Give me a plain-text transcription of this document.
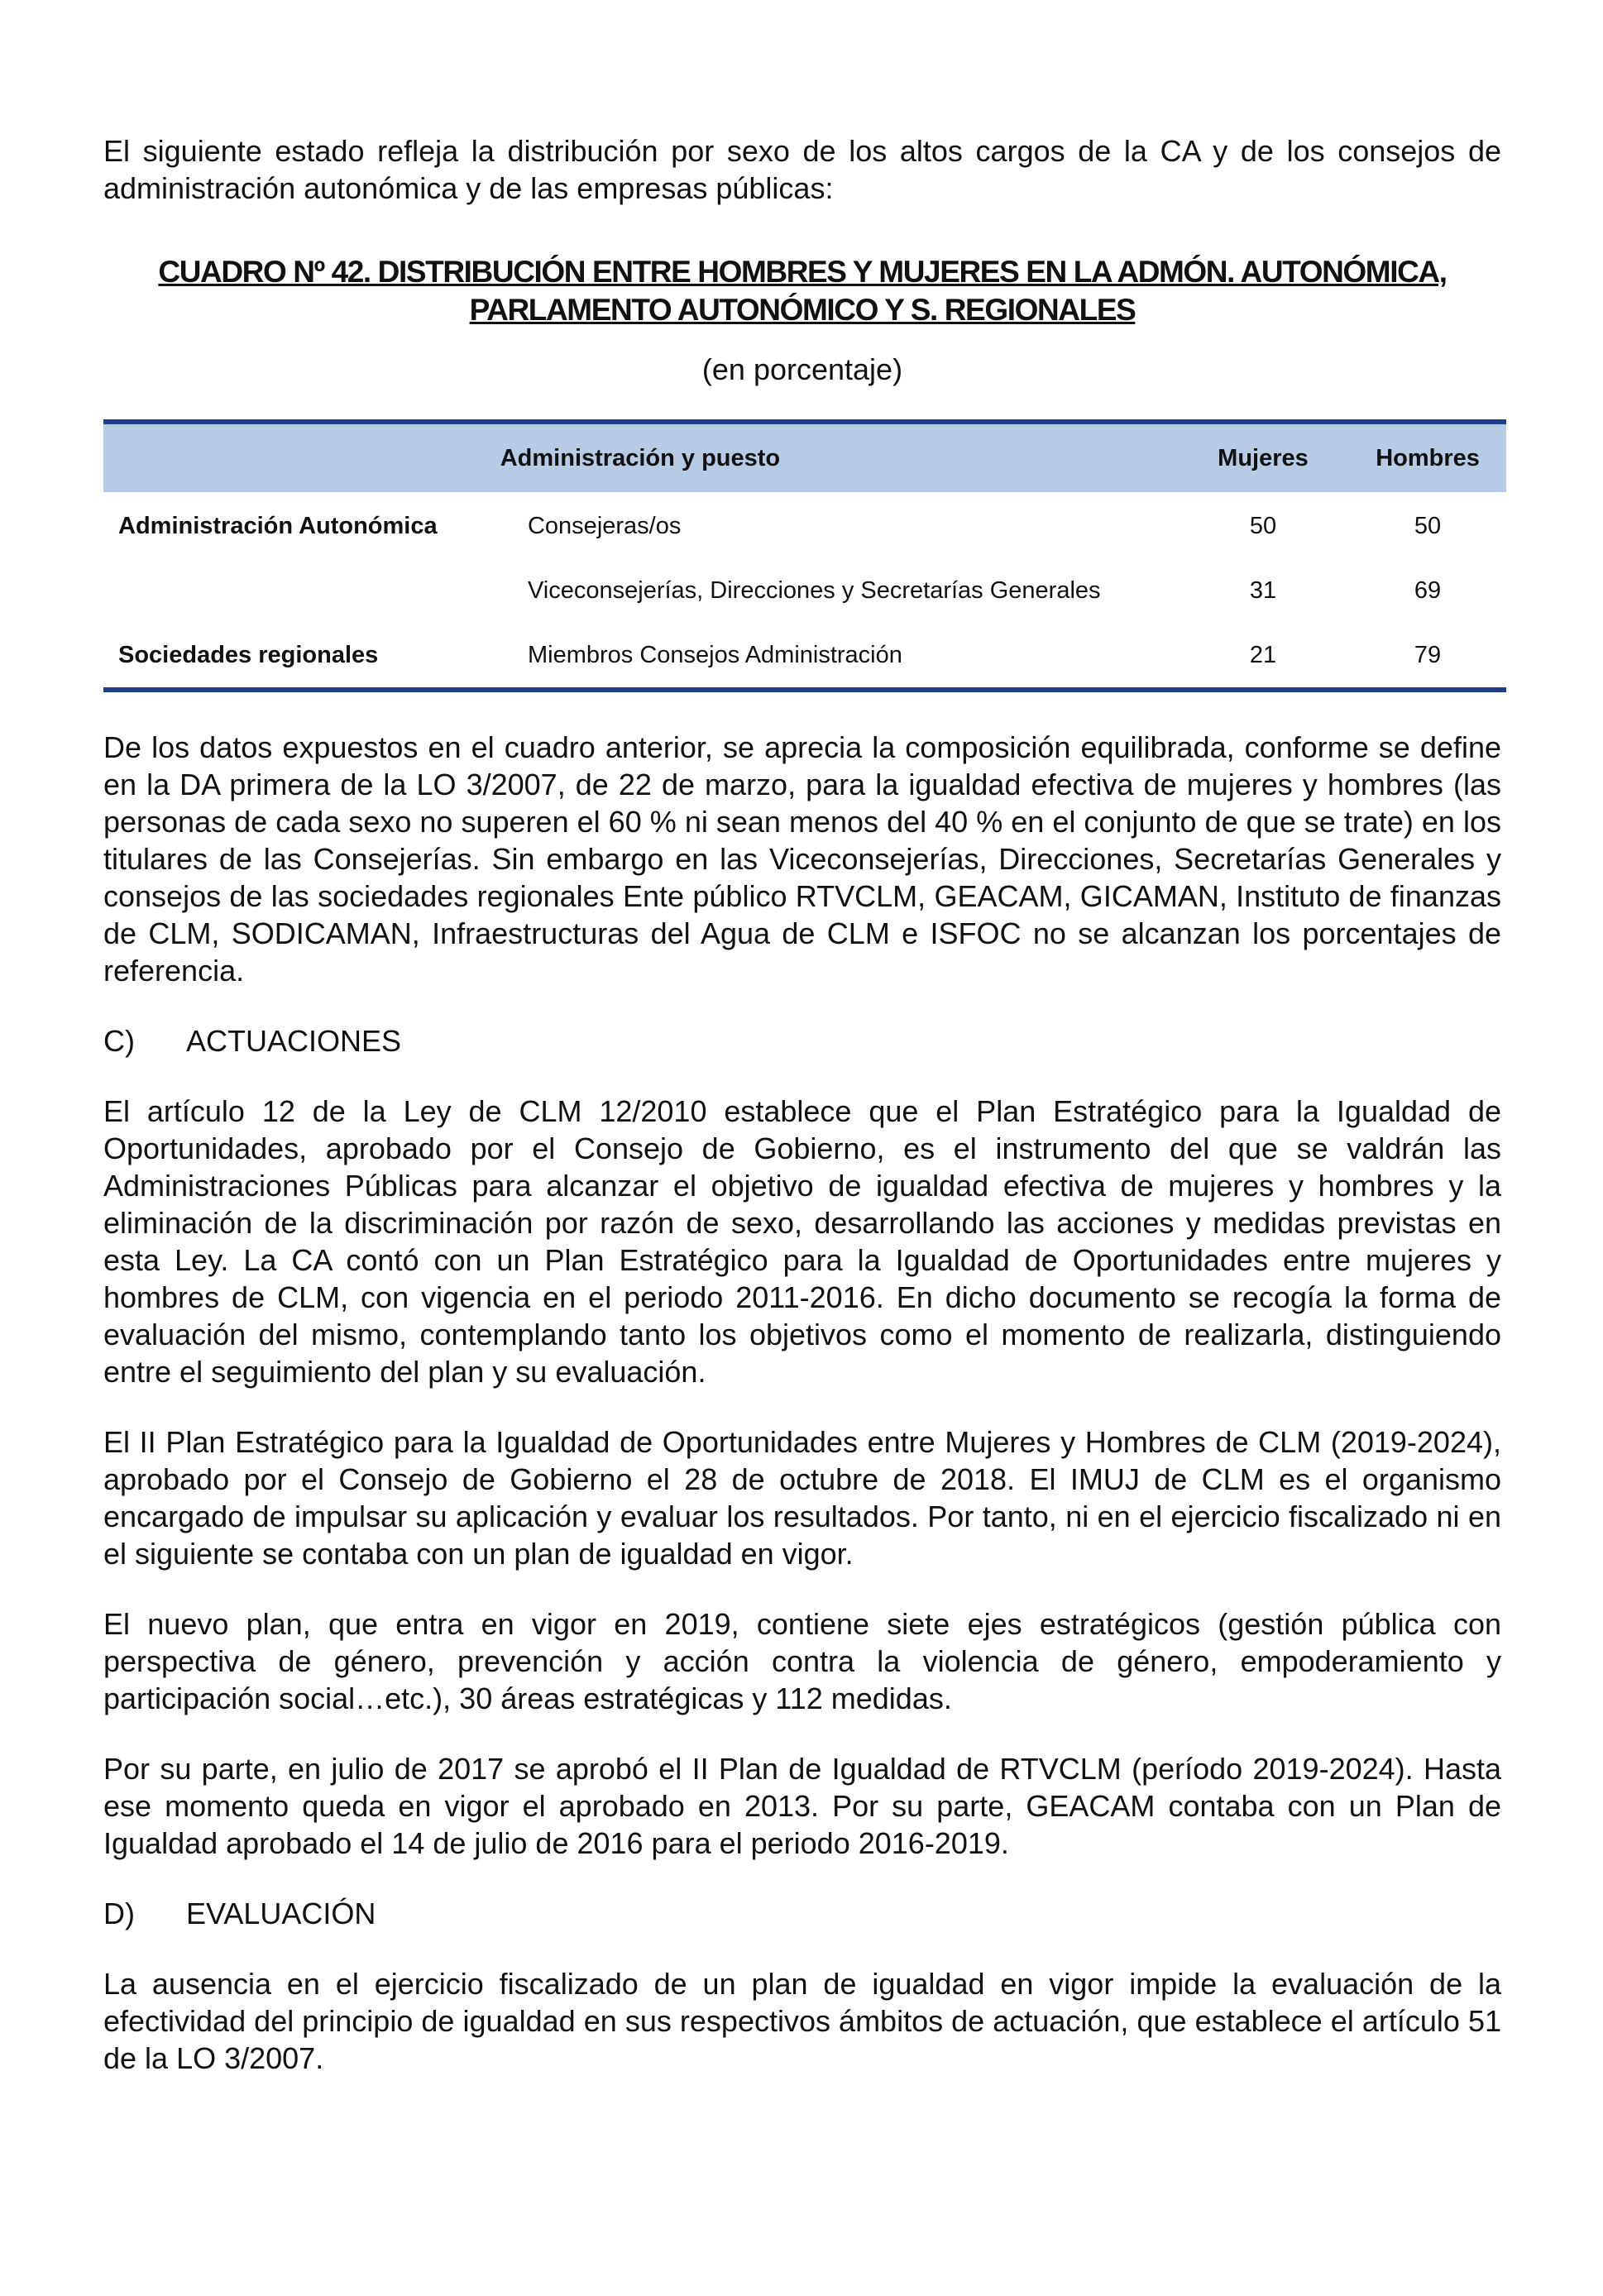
El siguiente estado refleja la distribución por sexo de los altos cargos de la CA y de los consejos de administración autonómica y de las empresas públicas:

CUADRO Nº 42. DISTRIBUCIÓN ENTRE HOMBRES Y MUJERES EN LA ADMÓN. AUTONÓMICA,

PARLAMENTO AUTONÓMICO Y S. REGIONALES

(en porcentaje)

Administración y puesto		Mujeres	Hombres
Administración Autonómica	Consejeras/os	50	50
	Viceconsejerías, Direcciones y Secretarías Generales	31	69
Sociedades regionales	Miembros Consejos Administración	21	79

De los datos expuestos en el cuadro anterior, se aprecia la composición equilibrada, conforme se define en la DA primera de la LO 3/2007, de 22 de marzo, para la igualdad efectiva de mujeres y hombres (las personas de cada sexo no superen el 60 % ni sean menos del 40 % en el conjunto de que se trate) en los titulares de las Consejerías. Sin embargo en las Viceconsejerías, Direcciones, Secretarías Generales y consejos de las sociedades regionales Ente público RTVCLM, GEACAM, GICAMAN, Instituto de finanzas de CLM, SODICAMAN, Infraestructuras del Agua de CLM e ISFOC no se alcanzan los porcentajes de referencia.

C)	ACTUACIONES

El artículo 12 de la Ley de CLM 12/2010 establece que el Plan Estratégico para la Igualdad de Oportunidades, aprobado por el Consejo de Gobierno, es el instrumento del que se valdrán las Administraciones Públicas para alcanzar el objetivo de igualdad efectiva de mujeres y hombres y la eliminación de la discriminación por razón de sexo, desarrollando las acciones y medidas previstas en esta Ley. La CA contó con un Plan Estratégico para la Igualdad de Oportunidades entre mujeres y hombres de CLM, con vigencia en el periodo 2011-2016. En dicho documento se recogía la forma de evaluación del mismo, contemplando tanto los objetivos como el momento de realizarla, distinguiendo entre el seguimiento del plan y su evaluación.

El II Plan Estratégico para la Igualdad de Oportunidades entre Mujeres y Hombres de CLM (2019-2024), aprobado por el Consejo de Gobierno el 28 de octubre de 2018. El IMUJ de CLM es el organismo encargado de impulsar su aplicación y evaluar los resultados. Por tanto, ni en el ejercicio fiscalizado ni en el siguiente se contaba con un plan de igualdad en vigor.

El nuevo plan, que entra en vigor en 2019, contiene siete ejes estratégicos (gestión pública con perspectiva de género, prevención y acción contra la violencia de género, empoderamiento y participación social…etc.), 30 áreas estratégicas y 112 medidas.

Por su parte, en julio de 2017 se aprobó el II Plan de Igualdad de RTVCLM (período 2019-2024). Hasta ese momento queda en vigor el aprobado en 2013. Por su parte, GEACAM contaba con un Plan de Igualdad aprobado el 14 de julio de 2016 para el periodo 2016-2019.

D)	EVALUACIÓN

La ausencia en el ejercicio fiscalizado de un plan de igualdad en vigor impide la evaluación de la efectividad del principio de igualdad en sus respectivos ámbitos de actuación, que establece el artículo 51 de la LO 3/2007.
